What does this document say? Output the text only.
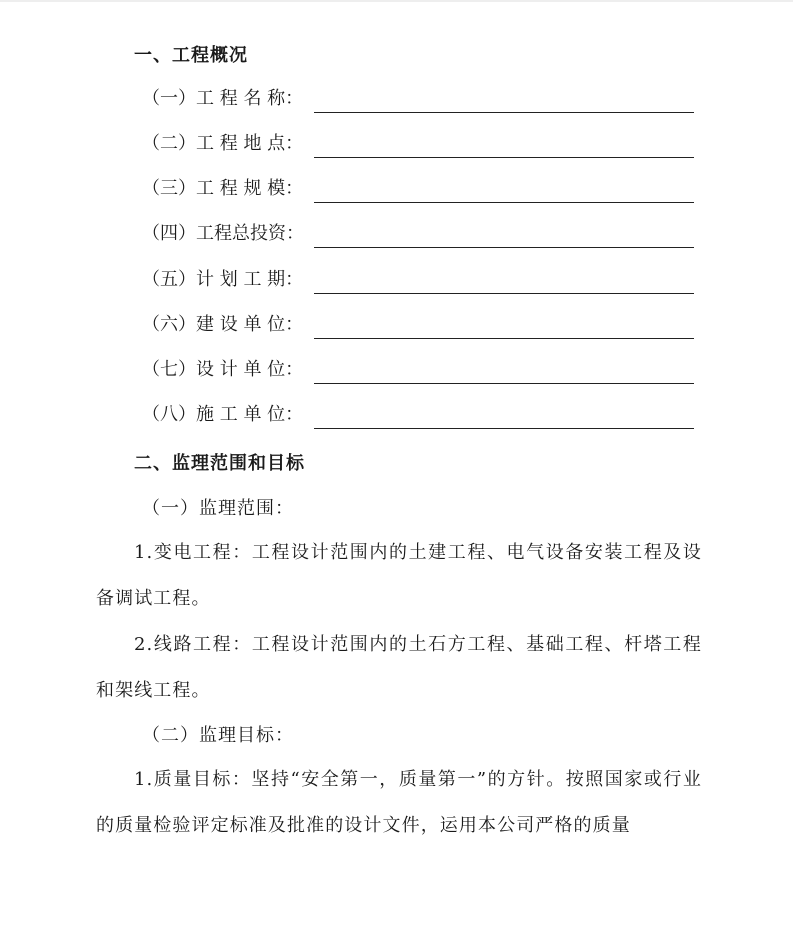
一、工程概况
（一）工 程 名 称：
（二）工 程 地 点：
（三）工 程 规 模：
（四）工程总投资：
（五）计 划 工 期：
（六）建 设 单 位：
（七）设 计 单 位：
（八）施 工 单 位：
二、监理范围和目标
（一）监理范围：
1.变电工程：工程设计范围内的土建工程、电气设备安装工程及设备调试工程。
2.线路工程：工程设计范围内的土石方工程、基础工程、杆塔工程和架线工程。
（二）监理目标：
1.质量目标：坚持“安全第一，质量第一”的方针。按照国家或行业的质量检验评定标准及批准的设计文件，运用本公司严格的质量
